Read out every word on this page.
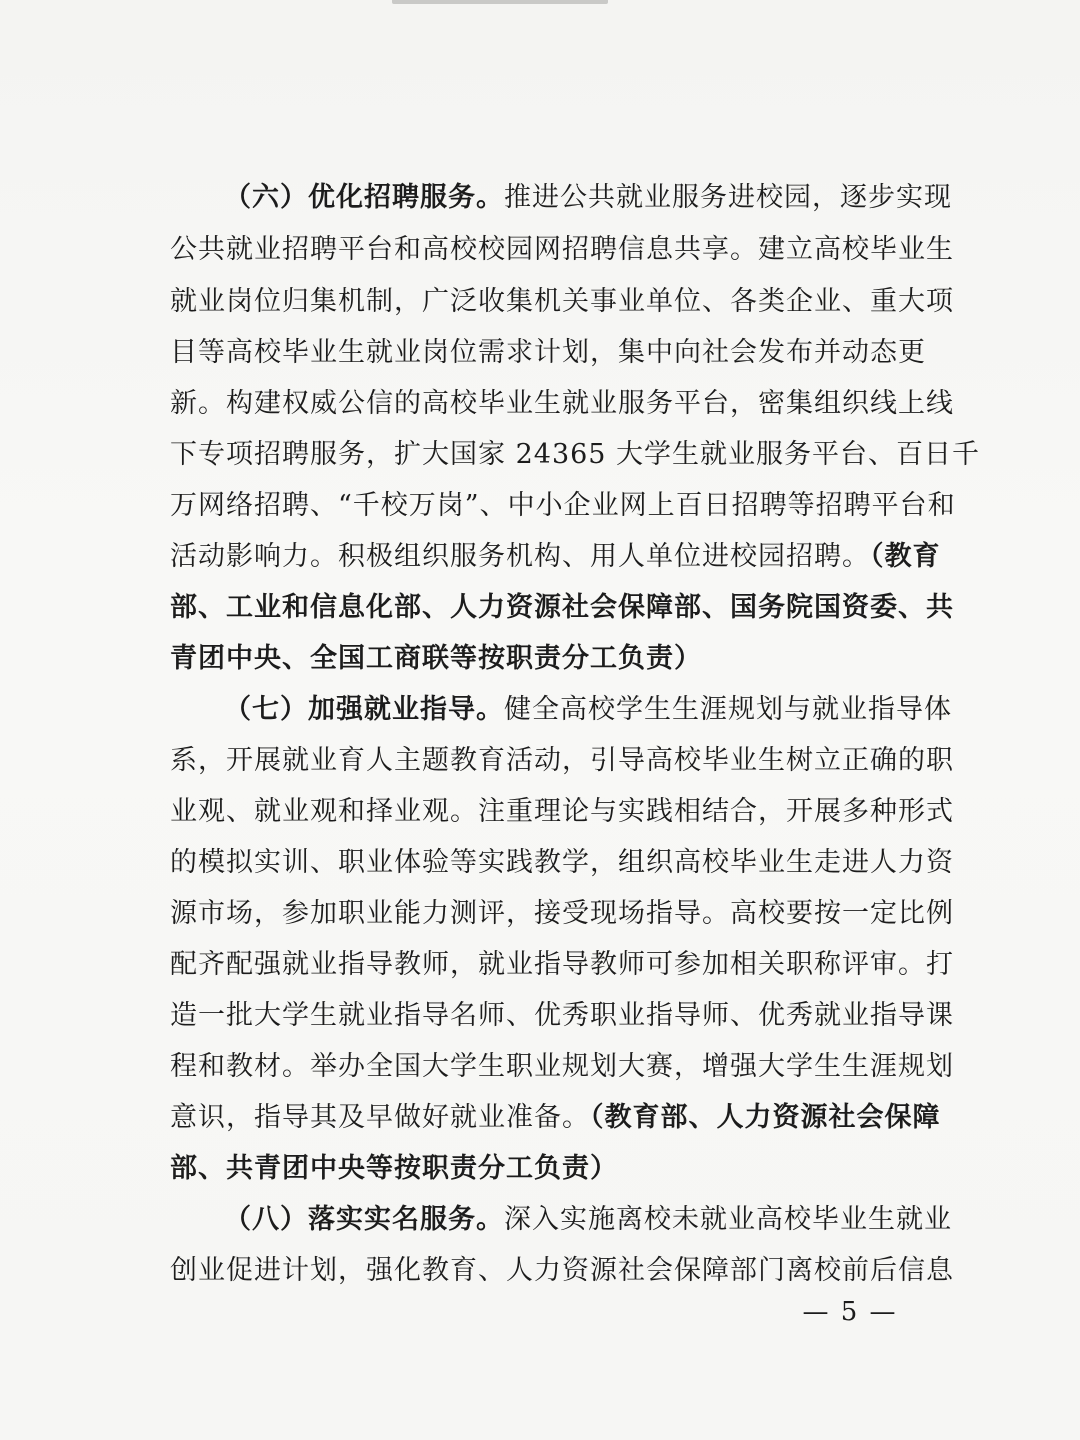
（六）优化招聘服务。推进公共就业服务进校园，逐步实现
公共就业招聘平台和高校校园网招聘信息共享。建立高校毕业生
就业岗位归集机制，广泛收集机关事业单位、各类企业、重大项
目等高校毕业生就业岗位需求计划，集中向社会发布并动态更
新。构建权威公信的高校毕业生就业服务平台，密集组织线上线
下专项招聘服务，扩大国家 24365 大学生就业服务平台、百日千
万网络招聘、“千校万岗”、中小企业网上百日招聘等招聘平台和
活动影响力。积极组织服务机构、用人单位进校园招聘。（教育
部、工业和信息化部、人力资源社会保障部、国务院国资委、共
青团中央、全国工商联等按职责分工负责）
（七）加强就业指导。健全高校学生生涯规划与就业指导体
系，开展就业育人主题教育活动，引导高校毕业生树立正确的职
业观、就业观和择业观。注重理论与实践相结合，开展多种形式
的模拟实训、职业体验等实践教学，组织高校毕业生走进人力资
源市场，参加职业能力测评，接受现场指导。高校要按一定比例
配齐配强就业指导教师，就业指导教师可参加相关职称评审。打
造一批大学生就业指导名师、优秀职业指导师、优秀就业指导课
程和教材。举办全国大学生职业规划大赛，增强大学生生涯规划
意识，指导其及早做好就业准备。（教育部、人力资源社会保障
部、共青团中央等按职责分工负责）
（八）落实实名服务。深入实施离校未就业高校毕业生就业
创业促进计划，强化教育、人力资源社会保障部门离校前后信息
— 5 —
